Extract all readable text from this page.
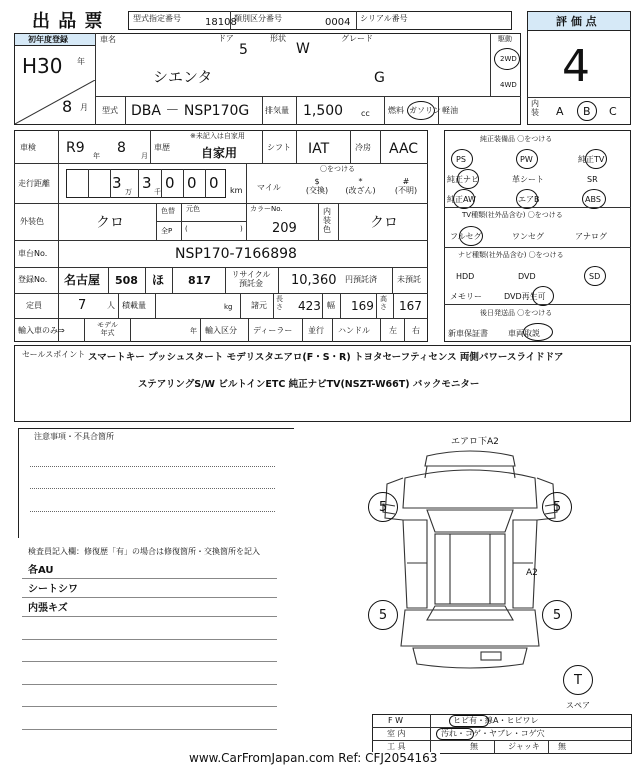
出 品 票	型式指定番号 18108
類別区分番号	0004 シリアル番号	評 価 点
4
内装 A B C
初年度登録
H30 年
8 月
車名
シエンタ
ドア
5
形状
W
グレード
G
駆動
2WD
4WD
型式 DBA － NSP170G 排気量 1,500 cc 燃料 ガソリン 軽油
車検 R9 年 8 月
車歴
※未記入は自家用
自家用	シフト IAT	冷房 AAC
走行距離	3 万 3 千 0 0 0 km
〇をつける
マイル
$
(交換)
*
(改ざん)
#
(不明)
外装色	クロ
色替 元色
全P (	)
カラーNo.
209
内装色	クロ
車台No.	NSP170-7166898
登録No. 名古屋 508 ほ 817	リサイクル
預託金	10,360 円預託済	未預託
定員	7	人 積載量	kg 諸元
長さ 423 幅 169 高さ 167
輸入車のみ⇒
モデル
年式	年 輸入区分 ディーラー 並行 ハンドル 左 右
純正装備品 〇をつける
PS	PW	純正TV
純正ナビ	革シート	SR
純正AW	エアB	ABS
TV種類(社外品含む) 〇をつける
フルセグ	ワンセグ	アナログ
ナビ種類(社外品含む) 〇をつける
HDD	DVD	SD
メモリー	DVD再生可
後日発送品 〇をつける
新車保証書	車両取説
セールスポイント スマートキー プッシュスタート モデリスタエアロ(F・S・R) トヨタセーフティセンス 両側パワースライドドア
ステアリングS/W ビルトインETC 純正ナビTV(NSZT-W66T) バックモニター
注意事項・不具合箇所
検査員記入欄：修復歴「有」の場合は修復箇所・交換箇所を記入
各AU
シートシワ
内張キズ
エアロ下A2
A2
5	5
5	5
T
スペア
F W	ヒビ有・線A・ヒビワレ
室 内	汚れ・コゲ・ヤブレ・コゲ穴
工 具	無	ジャッキ 無
www.CarFromJapan.com Ref: CFJ2054163
